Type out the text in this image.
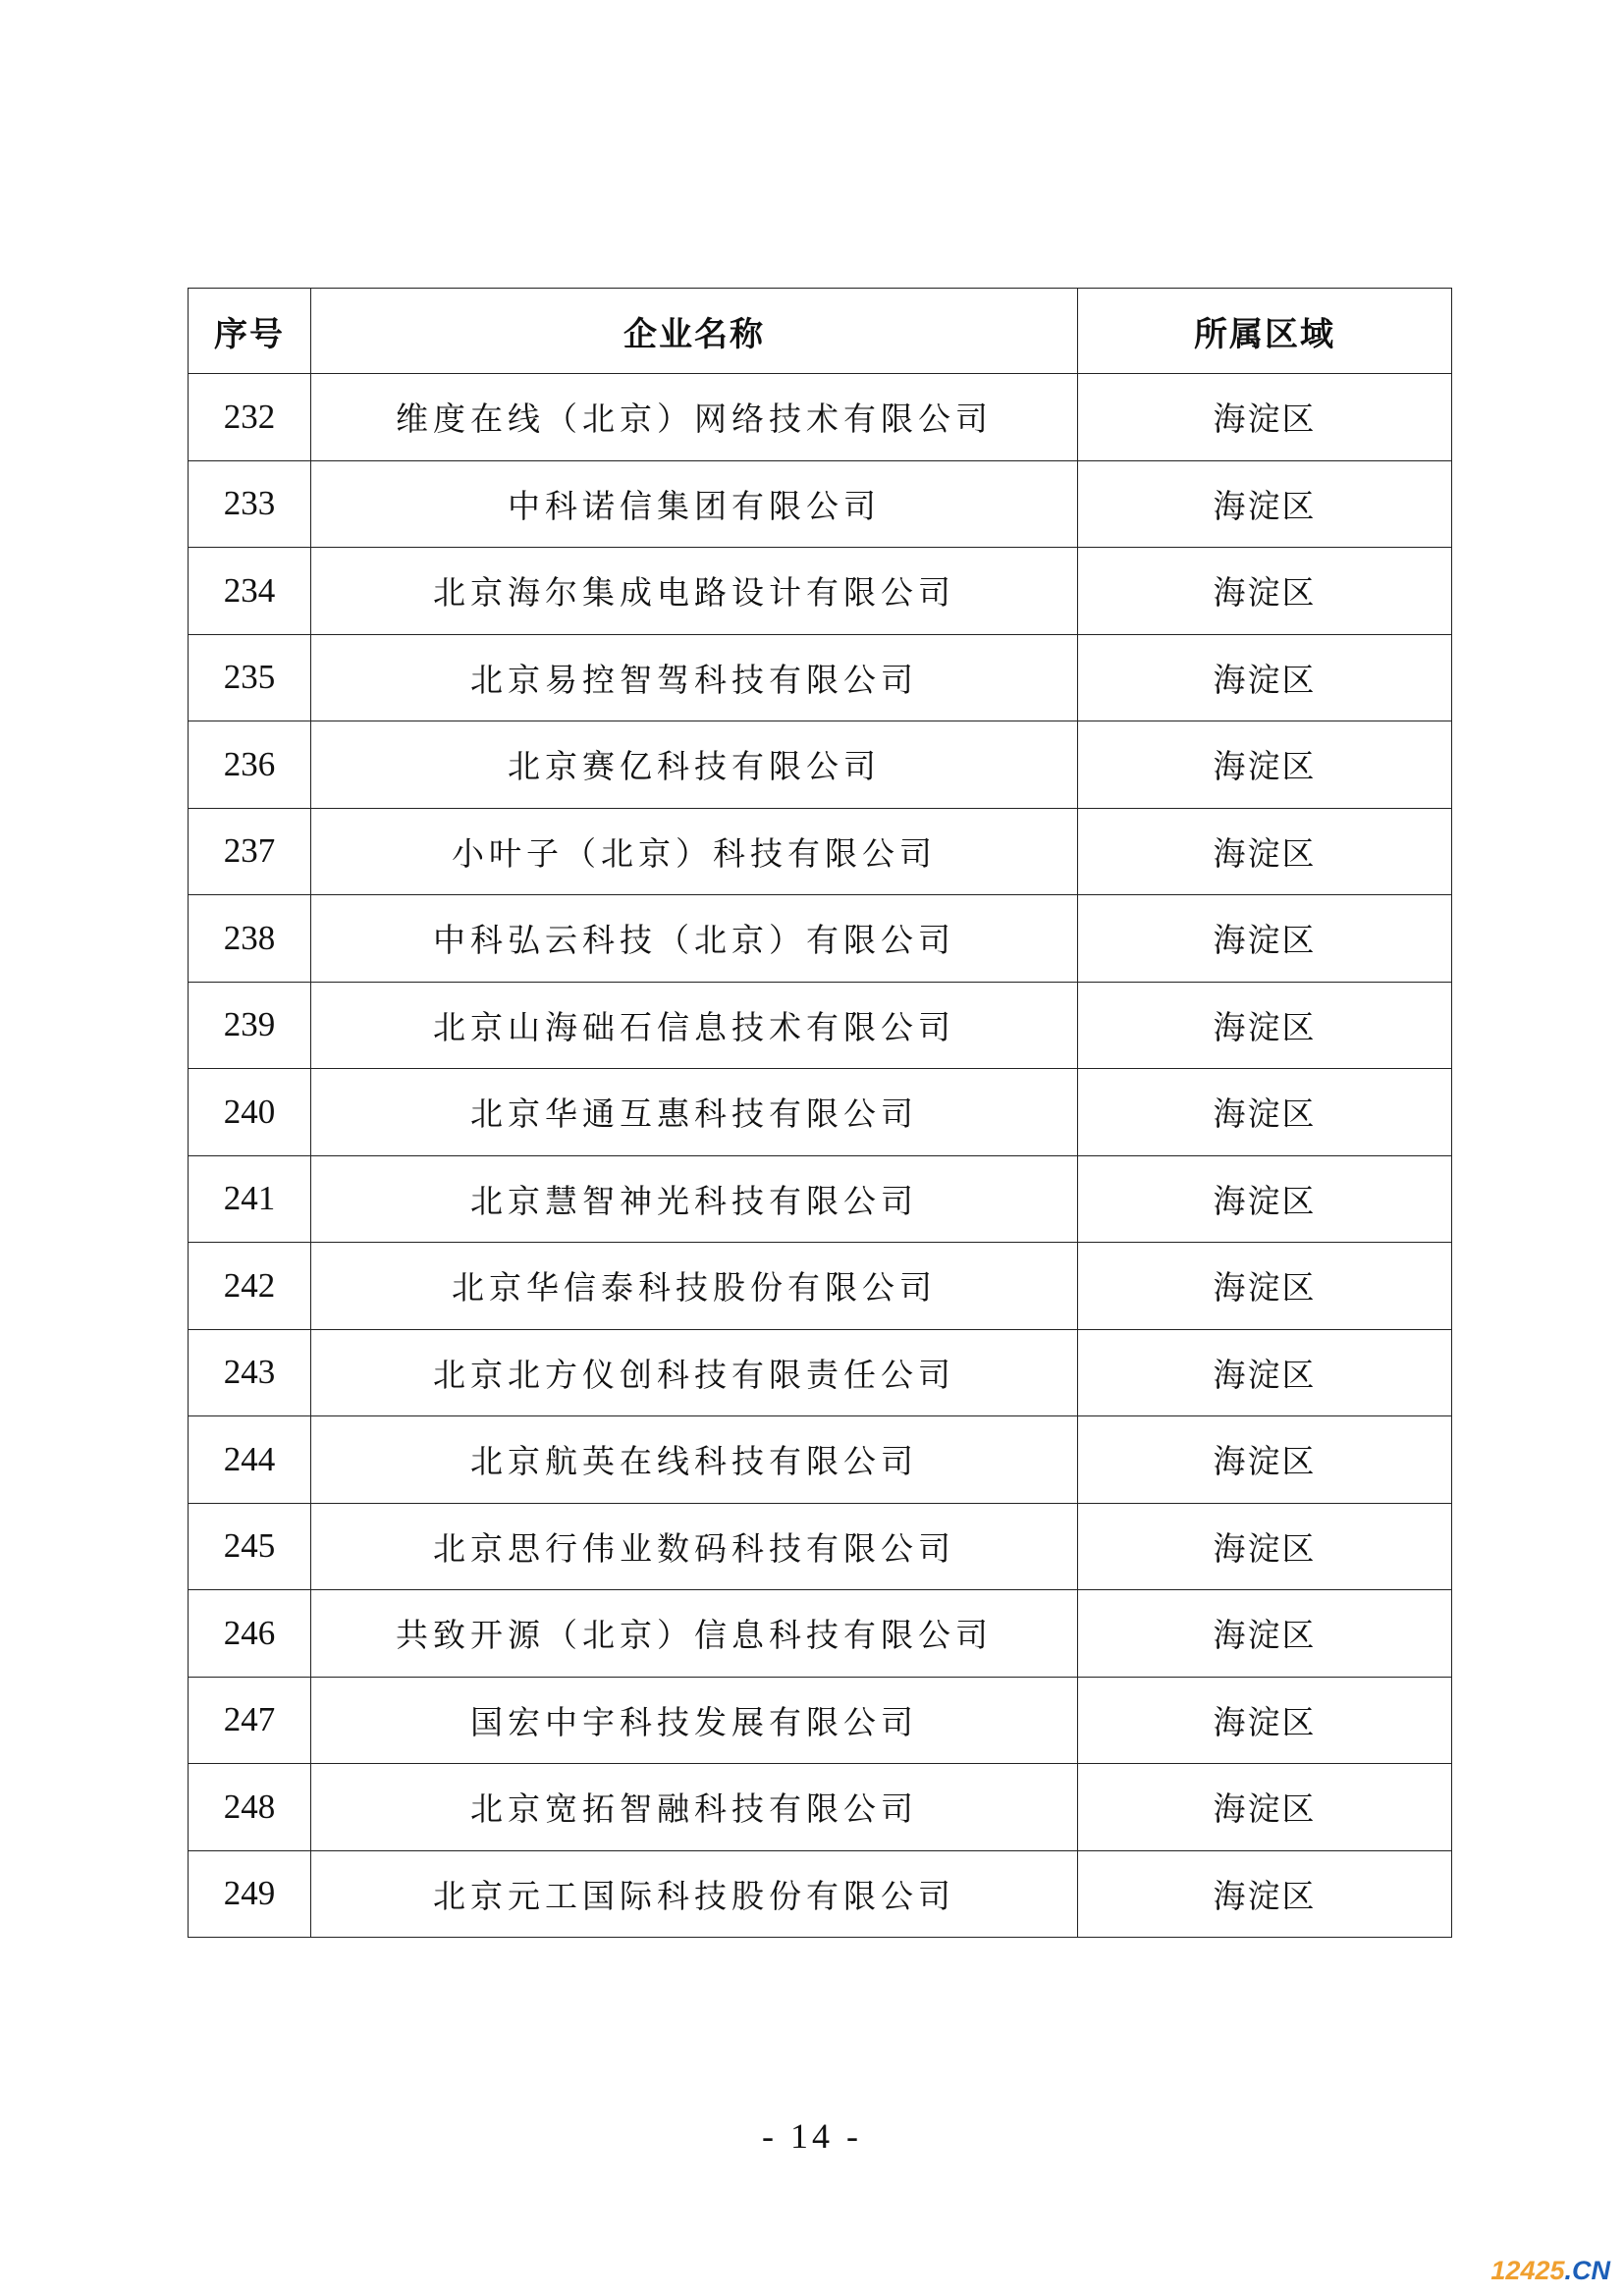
序号	企业名称	所属区域
232	维度在线（北京）网络技术有限公司	海淀区
233	中科诺信集团有限公司	海淀区
234	北京海尔集成电路设计有限公司	海淀区
235	北京易控智驾科技有限公司	海淀区
236	北京赛亿科技有限公司	海淀区
237	小叶子（北京）科技有限公司	海淀区
238	中科弘云科技（北京）有限公司	海淀区
239	北京山海础石信息技术有限公司	海淀区
240	北京华通互惠科技有限公司	海淀区
241	北京慧智神光科技有限公司	海淀区
242	北京华信泰科技股份有限公司	海淀区
243	北京北方仪创科技有限责任公司	海淀区
244	北京航英在线科技有限公司	海淀区
245	北京思行伟业数码科技有限公司	海淀区
246	共致开源（北京）信息科技有限公司	海淀区
247	国宏中宇科技发展有限公司	海淀区
248	北京宽拓智融科技有限公司	海淀区
249	北京元工国际科技股份有限公司	海淀区
- 14 -
12425.CN
